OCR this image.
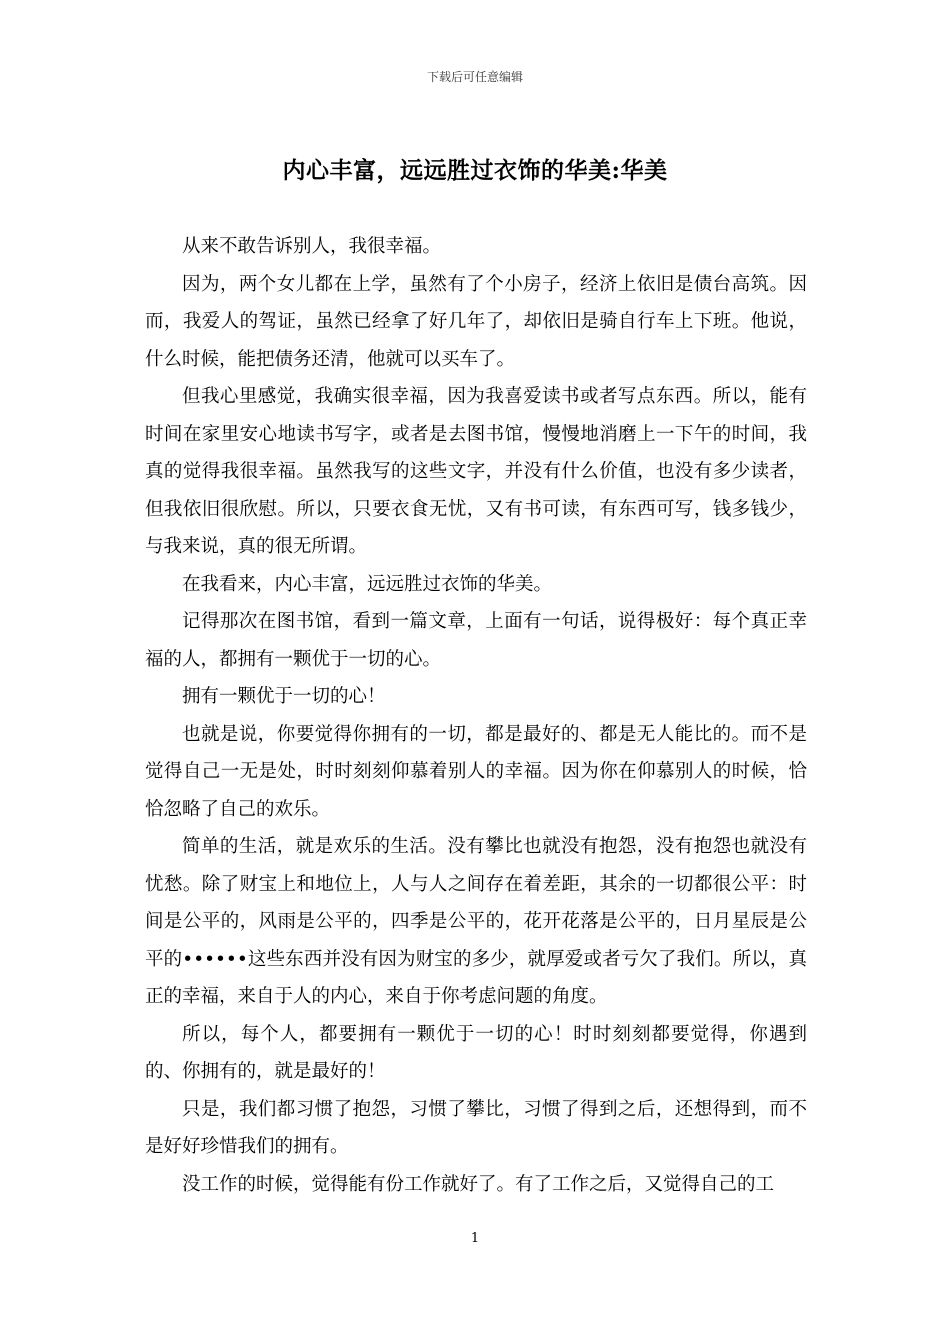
下载后可任意编辑
内心丰富，远远胜过衣饰的华美:华美

从来不敢告诉别人，我很幸福。

因为，两个女儿都在上学，虽然有了个小房子，经济上依旧是债台高筑。因而，我爱人的驾证，虽然已经拿了好几年了，却依旧是骑自行车上下班。他说，什么时候，能把债务还清，他就可以买车了。

但我心里感觉，我确实很幸福，因为我喜爱读书或者写点东西。所以，能有时间在家里安心地读书写字，或者是去图书馆，慢慢地消磨上一下午的时间，我真的觉得我很幸福。虽然我写的这些文字，并没有什么价值，也没有多少读者，但我依旧很欣慰。所以，只要衣食无忧，又有书可读，有东西可写，钱多钱少，与我来说，真的很无所谓。

在我看来，内心丰富，远远胜过衣饰的华美。

记得那次在图书馆，看到一篇文章，上面有一句话，说得极好：每个真正幸福的人，都拥有一颗优于一切的心。

拥有一颗优于一切的心！

也就是说，你要觉得你拥有的一切，都是最好的、都是无人能比的。而不是觉得自己一无是处，时时刻刻仰慕着别人的幸福。因为你在仰慕别人的时候，恰恰忽略了自己的欢乐。

简单的生活，就是欢乐的生活。没有攀比也就没有抱怨，没有抱怨也就没有忧愁。除了财宝上和地位上，人与人之间存在着差距，其余的一切都很公平：时间是公平的，风雨是公平的，四季是公平的，花开花落是公平的，日月星辰是公平的••••••这些东西并没有因为财宝的多少，就厚爱或者亏欠了我们。所以，真正的幸福，来自于人的内心，来自于你考虑问题的角度。

所以，每个人，都要拥有一颗优于一切的心！时时刻刻都要觉得，你遇到的、你拥有的，就是最好的！

只是，我们都习惯了抱怨，习惯了攀比，习惯了得到之后，还想得到，而不是好好珍惜我们的拥有。

没工作的时候，觉得能有份工作就好了。有了工作之后，又觉得自己的工

1
